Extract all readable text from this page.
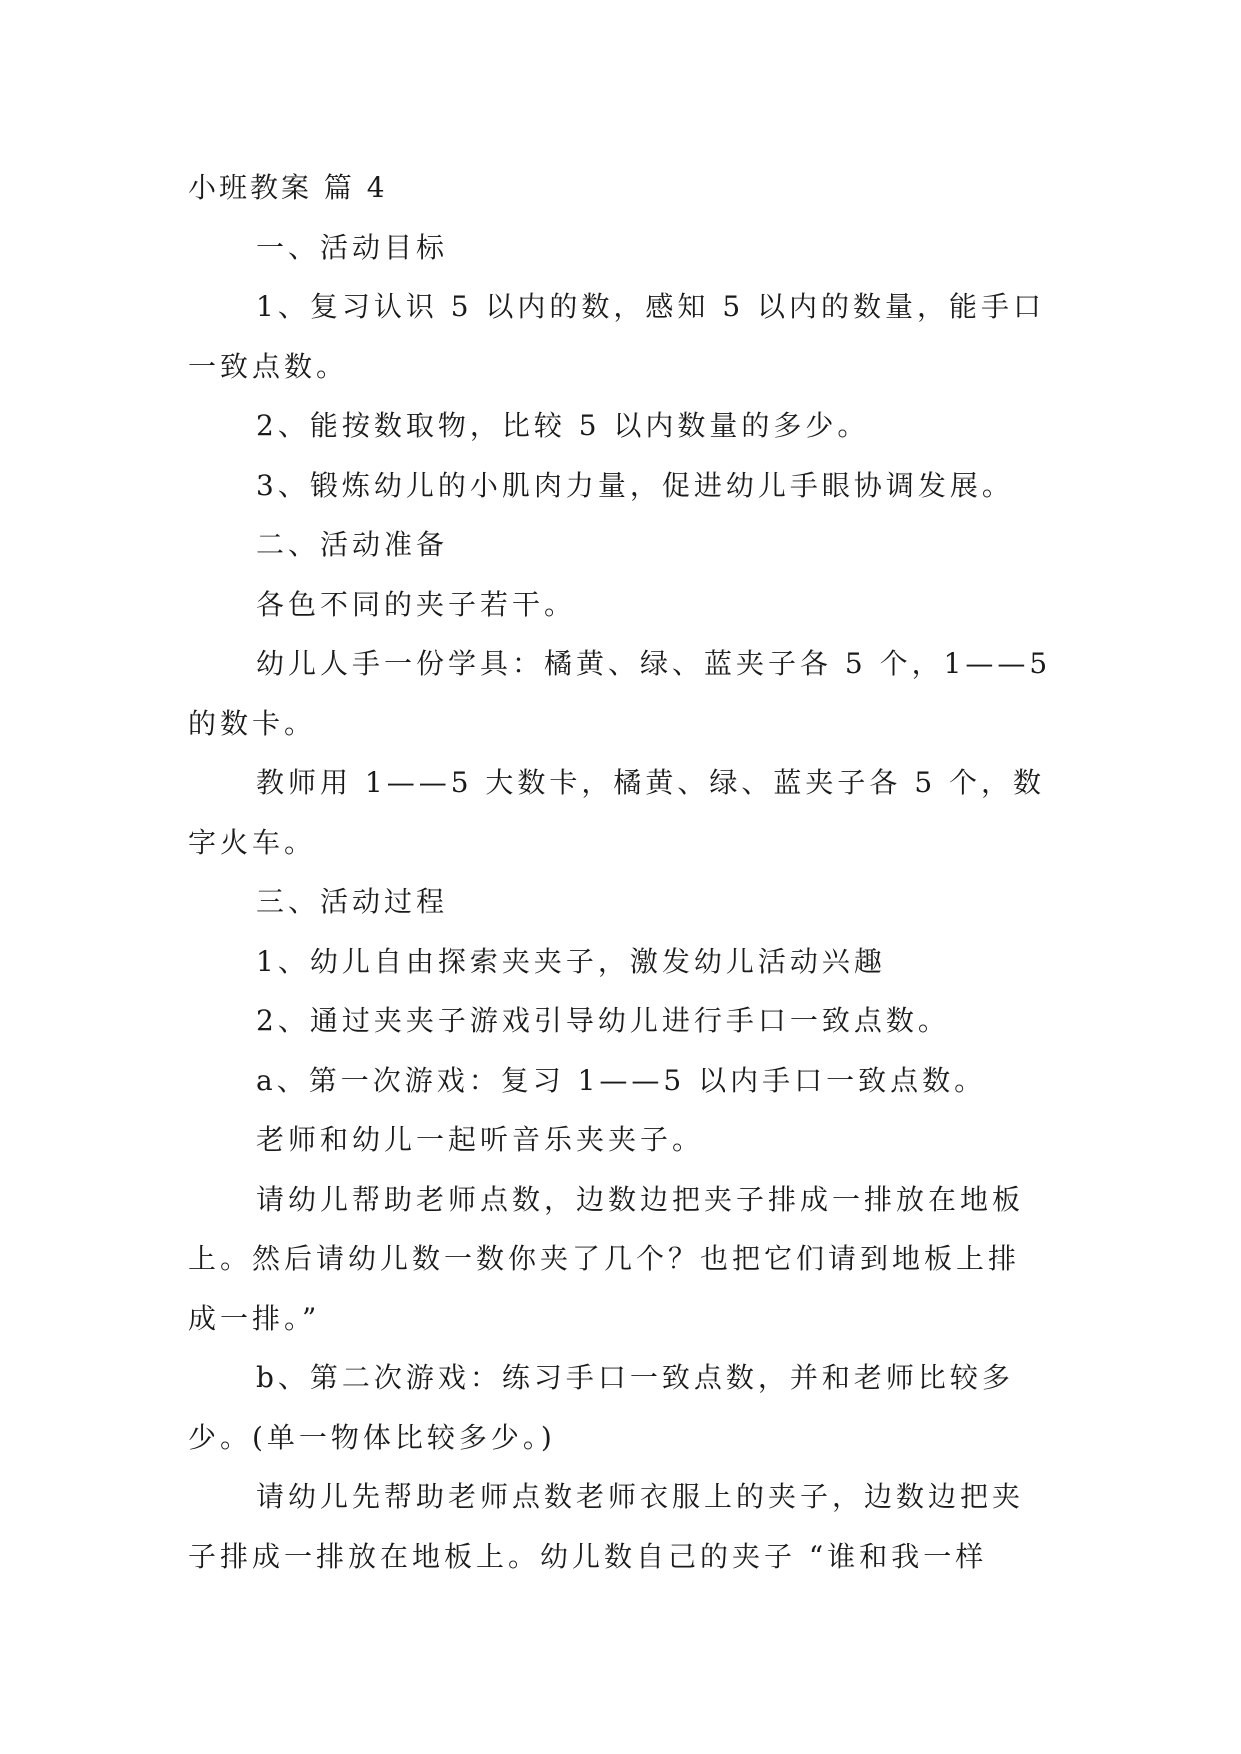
小班教案 篇 4

一、活动目标

1、复习认识 5 以内的数，感知 5 以内的数量，能手口

一致点数。

2、能按数取物，比较 5 以内数量的多少。

3、锻炼幼儿的小肌肉力量，促进幼儿手眼协调发展。

二、活动准备

各色不同的夹子若干。

幼儿人手一份学具：橘黄、绿、蓝夹子各 5 个，1——5

的数卡。

教师用 1——5 大数卡，橘黄、绿、蓝夹子各 5 个，数

字火车。

三、活动过程

1、幼儿自由探索夹夹子，激发幼儿活动兴趣

2、通过夹夹子游戏引导幼儿进行手口一致点数。

a、第一次游戏：复习 1——5 以内手口一致点数。

老师和幼儿一起听音乐夹夹子。

请幼儿帮助老师点数，边数边把夹子排成一排放在地板

上。然后请幼儿数一数你夹了几个？也把它们请到地板上排

成一排。”

b、第二次游戏：练习手口一致点数，并和老师比较多

少。(单一物体比较多少。)

请幼儿先帮助老师点数老师衣服上的夹子，边数边把夹

子排成一排放在地板上。幼儿数自己的夹子 “谁和我一样
